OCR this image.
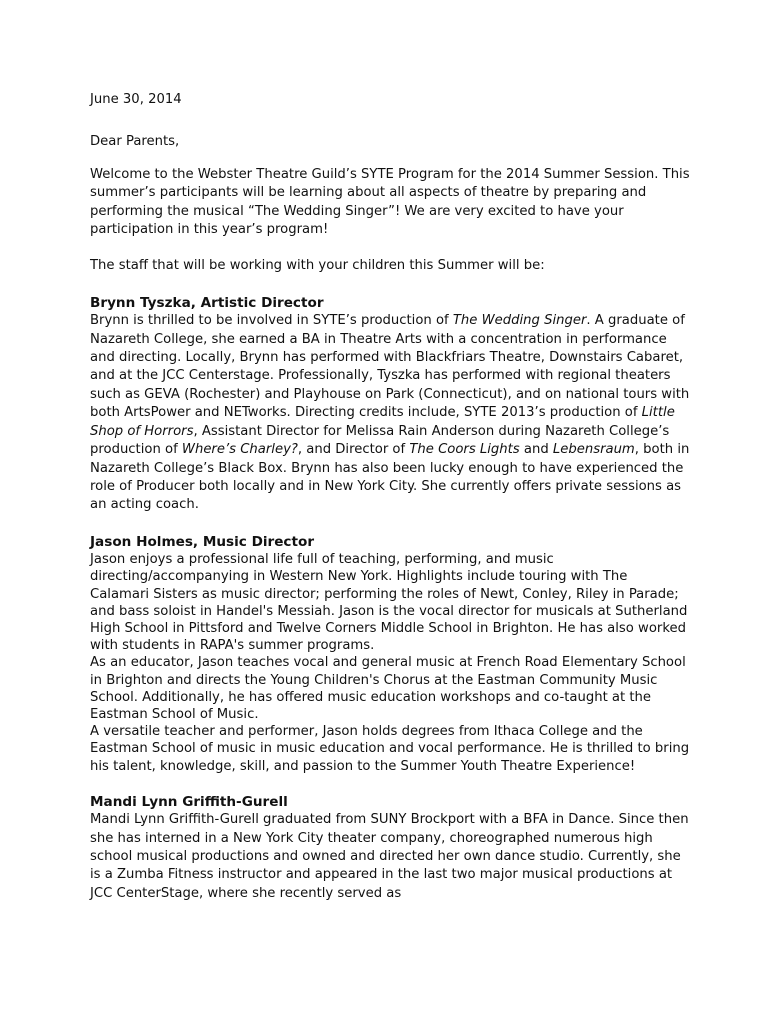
June 30, 2014

Dear Parents,

Welcome to the Webster Theatre Guild’s SYTE Program for the 2014 Summer Session. This summer’s participants will be learning about all aspects of theatre by preparing and performing the musical “The Wedding Singer”! We are very excited to have your participation in this year’s program!

The staff that will be working with your children this Summer will be:

Brynn Tyszka, Artistic Director

Brynn is thrilled to be involved in SYTE’s production of The Wedding Singer. A graduate of Nazareth College, she earned a BA in Theatre Arts with a concentration in performance and directing. Locally, Brynn has performed with Blackfriars Theatre, Downstairs Cabaret, and at the JCC Centerstage. Professionally, Tyszka has performed with regional theaters such as GEVA (Rochester) and Playhouse on Park (Connecticut), and on national tours with both ArtsPower and NETworks. Directing credits include, SYTE 2013’s production of Little Shop of Horrors, Assistant Director for Melissa Rain Anderson during Nazareth College’s production of Where’s Charley?, and Director of The Coors Lights and Lebensraum, both in Nazareth College’s Black Box. Brynn has also been lucky enough to have experienced the role of Producer both locally and in New York City. She currently offers private sessions as an acting coach.

Jason Holmes, Music Director

Jason enjoys a professional life full of teaching, performing, and music directing/accompanying in Western New York. Highlights include touring with The Calamari Sisters as music director; performing the roles of Newt, Conley, Riley in Parade; and bass soloist in Handel's Messiah. Jason is the vocal director for musicals at Sutherland High School in Pittsford and Twelve Corners Middle School in Brighton. He has also worked with students in RAPA's summer programs.

As an educator, Jason teaches vocal and general music at French Road Elementary School in Brighton and directs the Young Children's Chorus at the Eastman Community Music School. Additionally, he has offered music education workshops and co-taught at the Eastman School of Music.

A versatile teacher and performer, Jason holds degrees from Ithaca College and the Eastman School of music in music education and vocal performance. He is thrilled to bring his talent, knowledge, skill, and passion to the Summer Youth Theatre Experience!

Mandi Lynn Griffith-Gurell

Mandi Lynn Griffith-Gurell graduated from SUNY Brockport with a BFA in Dance. Since then she has interned in a New York City theater company, choreographed numerous high school musical productions and owned and directed her own dance studio. Currently, she is a Zumba Fitness instructor and appeared in the last two major musical productions at JCC CenterStage, where she recently served as
